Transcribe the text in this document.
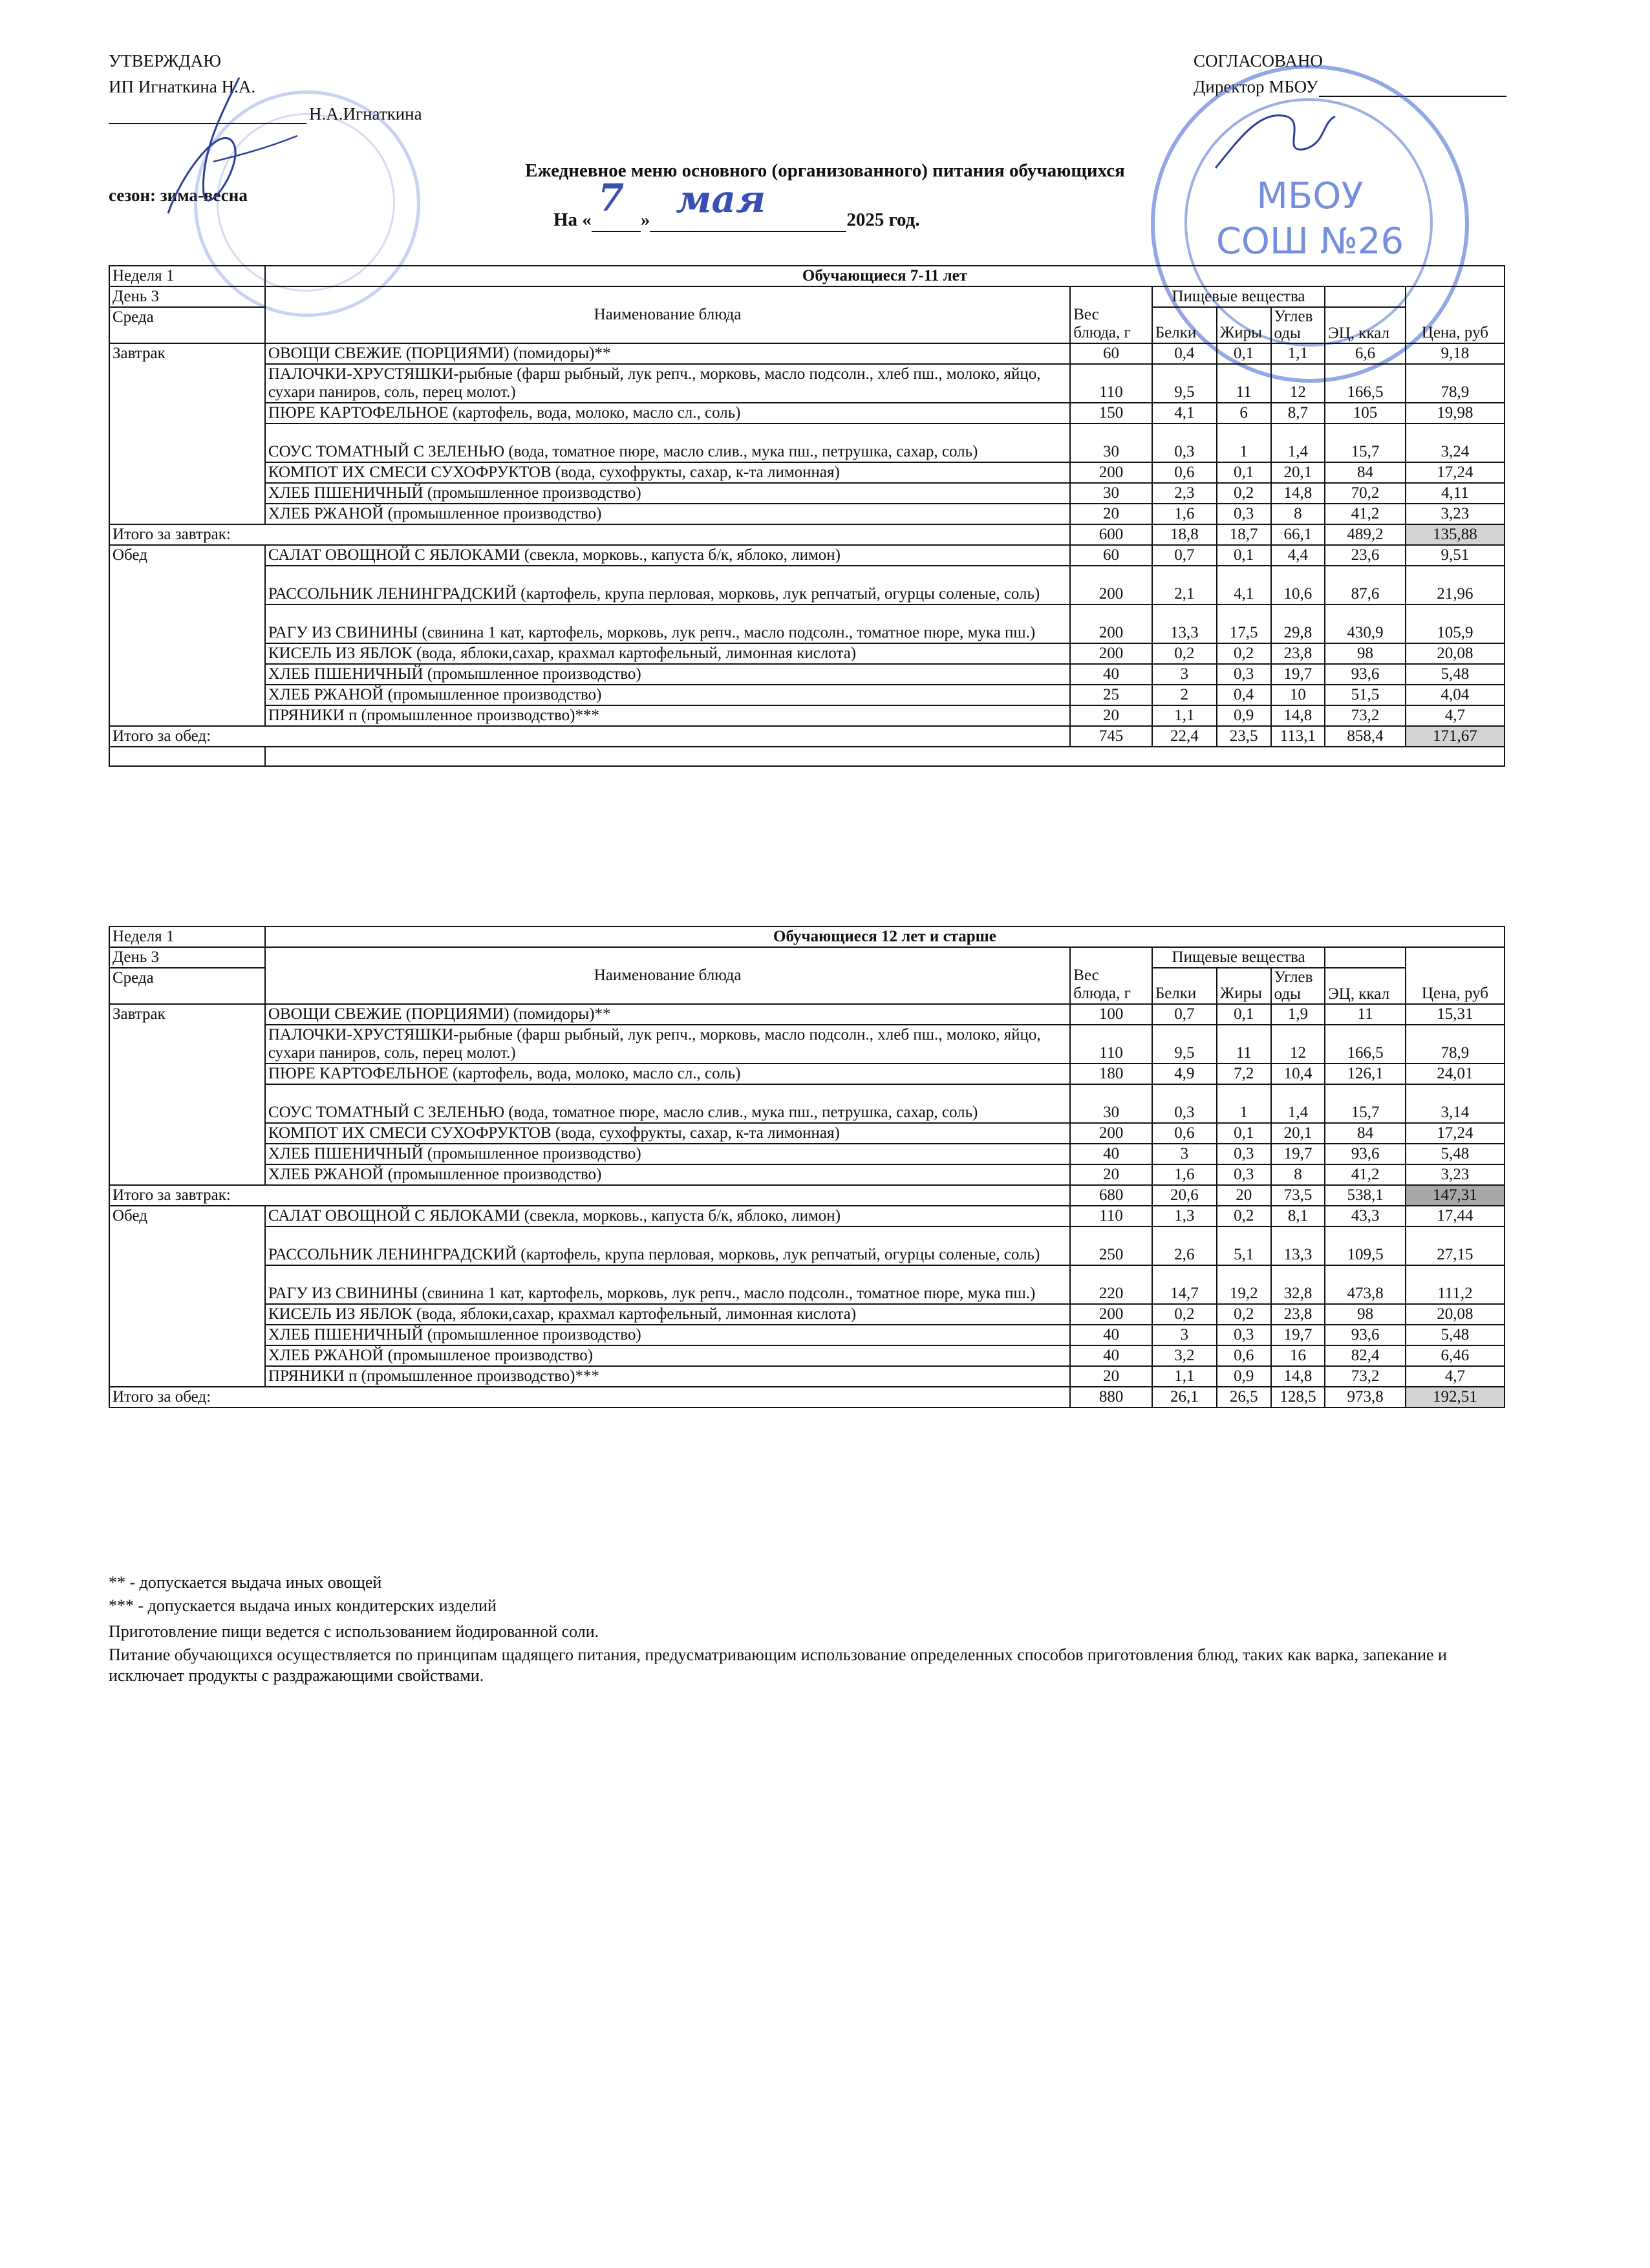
УТВЕРЖДАЮ
ИП Игнаткина Н.А.
Н.А.Игнаткина
сезон: зима-весна
СОГЛАСОВАНО
Директор МБОУ
МБОУ
СОШ №26
Ежедневное меню основного (организованного) питания обучающихся
На « 7 » мая	2025 год.
Неделя 1	Обучающиеся 7-11 лет						
День 3	Наименование блюда	Вес блюда, г	Пищевые вещества				Цена, руб
Среда			Белки	Жиры	Углев оды	ЭЦ, ккал	
Завтрак	ОВОЩИ СВЕЖИЕ (ПОРЦИЯМИ) (помидоры)**	60	0,4	0,1	1,1	6,6	9,18
	ПАЛОЧКИ-ХРУСТЯШКИ-рыбные (фарш рыбный, лук репч., морковь, масло подсолн., хлеб пш., молоко, яйцо, сухари паниров, соль, перец молот.)	110	9,5	11	12	166,5	78,9
	ПЮРЕ КАРТОФЕЛЬНОЕ (картофель, вода, молоко, масло сл., соль)	150	4,1	6	8,7	105	19,98
	СОУС ТОМАТНЫЙ С ЗЕЛЕНЬЮ (вода, томатное пюре, масло слив., мука пш., петрушка, сахар, соль)	30	0,3	1	1,4	15,7	3,24
	КОМПОТ ИХ СМЕСИ СУХОФРУКТОВ (вода, сухофрукты, сахар, к-та лимонная)	200	0,6	0,1	20,1	84	17,24
	ХЛЕБ ПШЕНИЧНЫЙ (промышленное производство)	30	2,3	0,2	14,8	70,2	4,11
	ХЛЕБ РЖАНОЙ (промышленное производство)	20	1,6	0,3	8	41,2	3,23
Итого за завтрак:		600	18,8	18,7	66,1	489,2	135,88
Обед	САЛАТ ОВОЩНОЙ С ЯБЛОКАМИ (свекла, морковь., капуста б/к, яблоко, лимон)	60	0,7	0,1	4,4	23,6	9,51
	РАССОЛЬНИК ЛЕНИНГРАДСКИЙ (картофель, крупа перловая, морковь, лук репчатый, огурцы соленые, соль)	200	2,1	4,1	10,6	87,6	21,96
	РАГУ ИЗ СВИНИНЫ (свинина 1 кат, картофель, морковь, лук репч., масло подсолн., томатное пюре, мука пш.)	200	13,3	17,5	29,8	430,9	105,9
	КИСЕЛЬ ИЗ ЯБЛОК (вода, яблоки,сахар, крахмал картофельный, лимонная кислота)	200	0,2	0,2	23,8	98	20,08
	ХЛЕБ ПШЕНИЧНЫЙ (промышленное производство)	40	3	0,3	19,7	93,6	5,48
	ХЛЕБ РЖАНОЙ (промышленное производство)	25	2	0,4	10	51,5	4,04
	ПРЯНИКИ п (промышленное производство)***	20	1,1	0,9	14,8	73,2	4,7
Итого за обед:		745	22,4	23,5	113,1	858,4	171,67

Неделя 1	Обучающиеся 12 лет и старше						
День 3	Наименование блюда	Вес блюда, г	Пищевые вещества				Цена, руб
Среда			Белки	Жиры	Углев оды	ЭЦ, ккал	
Завтрак	ОВОЩИ СВЕЖИЕ (ПОРЦИЯМИ) (помидоры)**	100	0,7	0,1	1,9	11	15,31
	ПАЛОЧКИ-ХРУСТЯШКИ-рыбные (фарш рыбный, лук репч., морковь, масло подсолн., хлеб пш., молоко, яйцо, сухари паниров, соль, перец молот.)	110	9,5	11	12	166,5	78,9
	ПЮРЕ КАРТОФЕЛЬНОЕ (картофель, вода, молоко, масло сл., соль)	180	4,9	7,2	10,4	126,1	24,01
	СОУС ТОМАТНЫЙ С ЗЕЛЕНЬЮ (вода, томатное пюре, масло слив., мука пш., петрушка, сахар, соль)	30	0,3	1	1,4	15,7	3,14
	КОМПОТ ИХ СМЕСИ СУХОФРУКТОВ (вода, сухофрукты, сахар, к-та лимонная)	200	0,6	0,1	20,1	84	17,24
	ХЛЕБ ПШЕНИЧНЫЙ (промышленное производство)	40	3	0,3	19,7	93,6	5,48
	ХЛЕБ РЖАНОЙ (промышленное производство)	20	1,6	0,3	8	41,2	3,23
Итого за завтрак:		680	20,6	20	73,5	538,1	147,31
Обед	САЛАТ ОВОЩНОЙ С ЯБЛОКАМИ (свекла, морковь., капуста б/к, яблоко, лимон)	110	1,3	0,2	8,1	43,3	17,44
	РАССОЛЬНИК ЛЕНИНГРАДСКИЙ (картофель, крупа перловая, морковь, лук репчатый, огурцы соленые, соль)	250	2,6	5,1	13,3	109,5	27,15
	РАГУ ИЗ СВИНИНЫ (свинина 1 кат, картофель, морковь, лук репч., масло подсолн., томатное пюре, мука пш.)	220	14,7	19,2	32,8	473,8	111,2
	КИСЕЛЬ ИЗ ЯБЛОК (вода, яблоки,сахар, крахмал картофельный, лимонная кислота)	200	0,2	0,2	23,8	98	20,08
	ХЛЕБ ПШЕНИЧНЫЙ (промышленное производство)	40	3	0,3	19,7	93,6	5,48
	ХЛЕБ РЖАНОЙ (промышленое производство)	40	3,2	0,6	16	82,4	6,46
	ПРЯНИКИ п (промышленное производство)***	20	1,1	0,9	14,8	73,2	4,7
Итого за обед:		880	26,1	26,5	128,5	973,8	192,51
** - допускается выдача иных овощей
*** - допускается выдача иных кондитерских изделий
Приготовление пищи ведется с использованием йодированной соли.
Питание обучающихся осуществляется по принципам щадящего питания, предусматривающим использование определенных способов приготовления блюд, таких как варка, запекание и исключает продукты с раздражающими свойствами.
